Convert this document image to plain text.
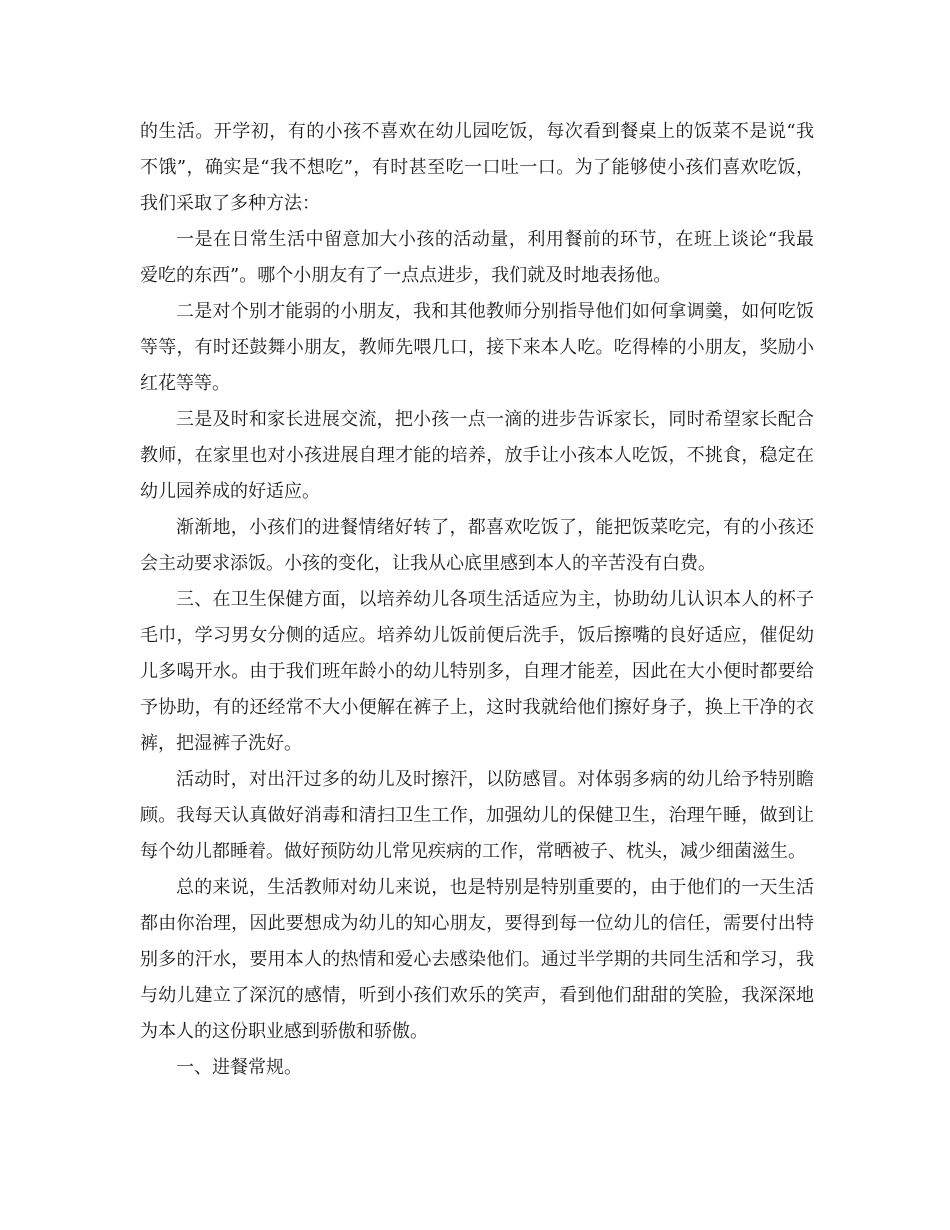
的生活。开学初，有的小孩不喜欢在幼儿园吃饭，每次看到餐桌上的饭菜不是说“我不饿”，确实是“我不想吃”，有时甚至吃一口吐一口。为了能够使小孩们喜欢吃饭，我们采取了多种方法：

一是在日常生活中留意加大小孩的活动量，利用餐前的环节，在班上谈论“我最爱吃的东西”。哪个小朋友有了一点点进步，我们就及时地表扬他。

二是对个别才能弱的小朋友，我和其他教师分别指导他们如何拿调羹，如何吃饭等等，有时还鼓舞小朋友，教师先喂几口，接下来本人吃。吃得棒的小朋友，奖励小红花等等。

三是及时和家长进展交流，把小孩一点一滴的进步告诉家长，同时希望家长配合教师，在家里也对小孩进展自理才能的培养，放手让小孩本人吃饭，不挑食，稳定在幼儿园养成的好适应。

渐渐地，小孩们的进餐情绪好转了，都喜欢吃饭了，能把饭菜吃完，有的小孩还会主动要求添饭。小孩的变化，让我从心底里感到本人的辛苦没有白费。

三、在卫生保健方面，以培养幼儿各项生活适应为主，协助幼儿认识本人的杯子毛巾，学习男女分侧的适应。培养幼儿饭前便后洗手，饭后擦嘴的良好适应，催促幼儿多喝开水。由于我们班年龄小的幼儿特别多，自理才能差，因此在大小便时都要给予协助，有的还经常不大小便解在裤子上，这时我就给他们擦好身子，换上干净的衣裤，把湿裤子洗好。

活动时，对出汗过多的幼儿及时擦汗，以防感冒。对体弱多病的幼儿给予特别瞻顾。我每天认真做好消毒和清扫卫生工作，加强幼儿的保健卫生，治理午睡，做到让每个幼儿都睡着。做好预防幼儿常见疾病的工作，常晒被子、枕头，减少细菌滋生。

总的来说，生活教师对幼儿来说，也是特别是特别重要的，由于他们的一天生活都由你治理，因此要想成为幼儿的知心朋友，要得到每一位幼儿的信任，需要付出特别多的汗水，要用本人的热情和爱心去感染他们。通过半学期的共同生活和学习，我与幼儿建立了深沉的感情，听到小孩们欢乐的笑声，看到他们甜甜的笑脸，我深深地为本人的这份职业感到骄傲和骄傲。

一、进餐常规。
